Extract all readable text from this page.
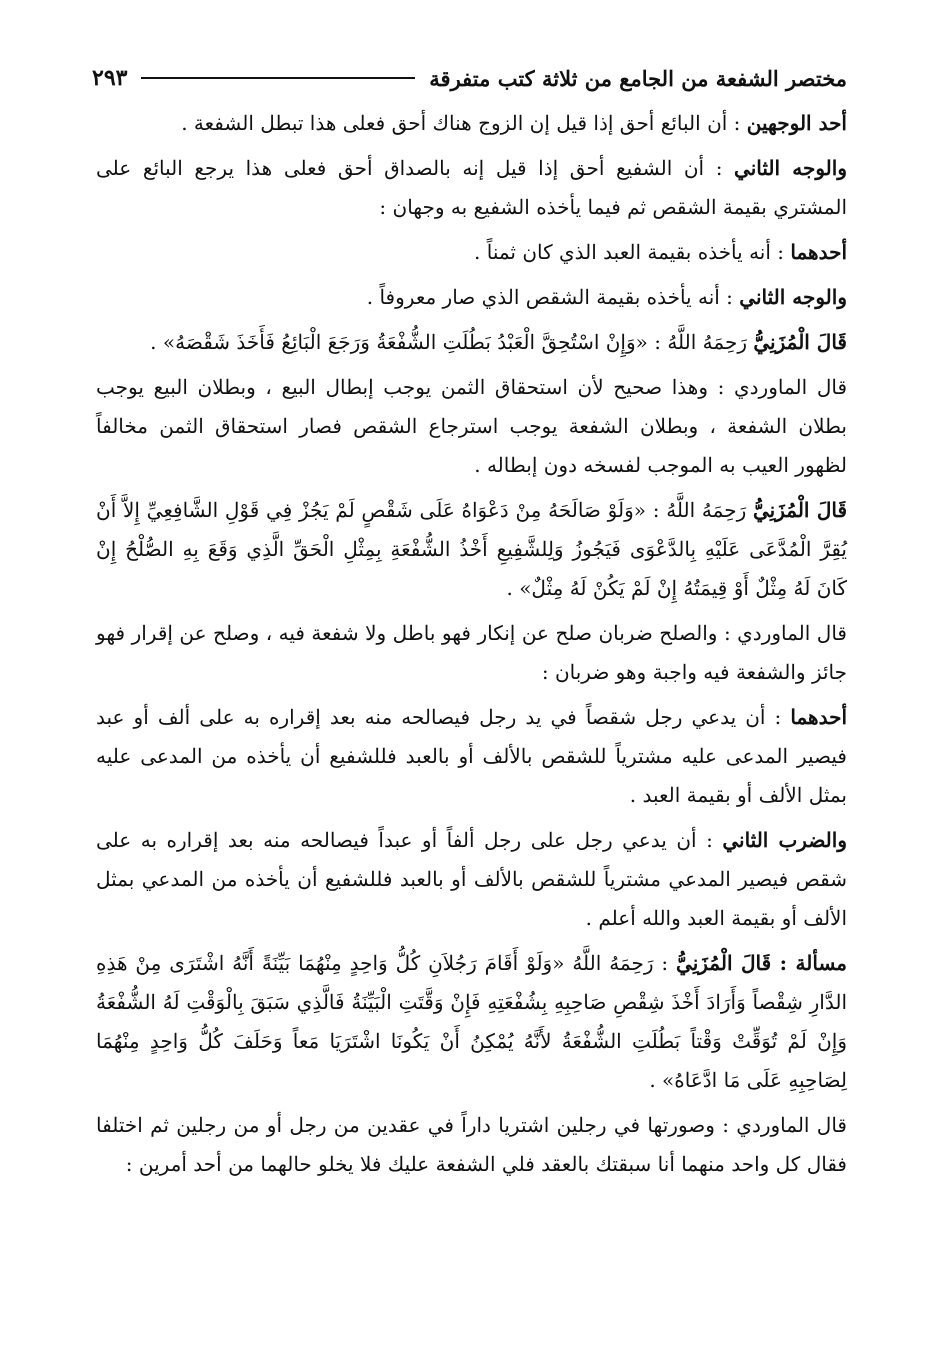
مختصر الشفعة من الجامع من ثلاثة كتب متفرقة
٢٩٣

أحد الوجهين : أن البائع أحق إذا قيل إن الزوج هناك أحق فعلى هذا تبطل الشفعة .

والوجه الثاني : أن الشفيع أحق إذا قيل إنه بالصداق أحق فعلى هذا يرجع البائع على المشتري بقيمة الشقص ثم فيما يأخذه الشفيع به وجهان :

أحدهما : أنه يأخذه بقيمة العبد الذي كان ثمناً .

والوجه الثاني : أنه يأخذه بقيمة الشقص الذي صار معروفاً .

قَالَ الْمُزَنِيُّ رَحِمَهُ اللَّهُ : «وَإِنْ اسْتُحِقَّ الْعَبْدُ بَطُلَتِ الشُّفْعَةُ وَرَجَعَ الْبَائِعُ فَأَخَذَ شَقْصَهُ» .

قال الماوردي : وهذا صحيح لأن استحقاق الثمن يوجب إبطال البيع ، وبطلان البيع يوجب بطلان الشفعة ، وبطلان الشفعة يوجب استرجاع الشقص فصار استحقاق الثمن مخالفاً لظهور العيب به الموجب لفسخه دون إبطاله .

قَالَ الْمُزَنِيُّ رَحِمَهُ اللَّهُ : «وَلَوْ صَالَحَهُ مِنْ دَعْوَاهُ عَلَى شَقْصٍ لَمْ يَجُزْ فِي قَوْلِ الشَّافِعِيِّ إِلاَّ أَنْ يُقِرَّ الْمُدَّعَى عَلَيْهِ بِالدَّعْوَى فَيَجُوزُ وَلِلشَّفِيعِ أَخْذُ الشُّفْعَةِ بِمِثْلِ الْحَقِّ الَّذِي وَقَعَ بِهِ الصُّلْحُ إِنْ كَانَ لَهُ مِثْلٌ أَوْ قِيمَتُهُ إِنْ لَمْ يَكُنْ لَهُ مِثْلٌ» .

قال الماوردي : والصلح ضربان صلح عن إنكار فهو باطل ولا شفعة فيه ، وصلح عن إقرار فهو جائز والشفعة فيه واجبة وهو ضربان :

أحدهما : أن يدعي رجل شقصاً في يد رجل فيصالحه منه بعد إقراره به على ألف أو عبد فيصير المدعى عليه مشترياً للشقص بالألف أو بالعبد فللشفيع أن يأخذه من المدعى عليه بمثل الألف أو بقيمة العبد .

والضرب الثاني : أن يدعي رجل على رجل ألفاً أو عبداً فيصالحه منه بعد إقراره به على شقص فيصير المدعي مشترياً للشقص بالألف أو بالعبد فللشفيع أن يأخذه من المدعي بمثل الألف أو بقيمة العبد والله أعلم .

مسألة : قَالَ الْمُزَنِيُّ : رَحِمَهُ اللَّهُ «وَلَوْ أَقَامَ رَجُلاَنِ كُلُّ وَاحِدٍ مِنْهُمَا بَيِّنَةً أَنَّهُ اشْتَرَى مِنْ هَذِهِ الدَّارِ شِقْصاً وَأَرَادَ أَخْذَ شِقْصِ صَاحِبِهِ بِشُفْعَتِهِ فَإِنْ وَقَّتَتِ الْبَيِّنَةُ فَالَّذِي سَبَقَ بِالْوَقْتِ لَهُ الشُّفْعَةُ وَإِنْ لَمْ تُوَقِّتْ وَقْتاً بَطُلَتِ الشُّفْعَةُ لأَنَّهُ يُمْكِنُ أَنْ يَكُونَا اشْتَرَيَا مَعاً وَحَلَفَ كُلُّ وَاحِدٍ مِنْهُمَا لِصَاحِبِهِ عَلَى مَا ادَّعَاهُ» .

قال الماوردي : وصورتها في رجلين اشتريا داراً في عقدين من رجل أو من رجلين ثم اختلفا فقال كل واحد منهما أنا سبقتك بالعقد فلي الشفعة عليك فلا يخلو حالهما من أحد أمرين :
